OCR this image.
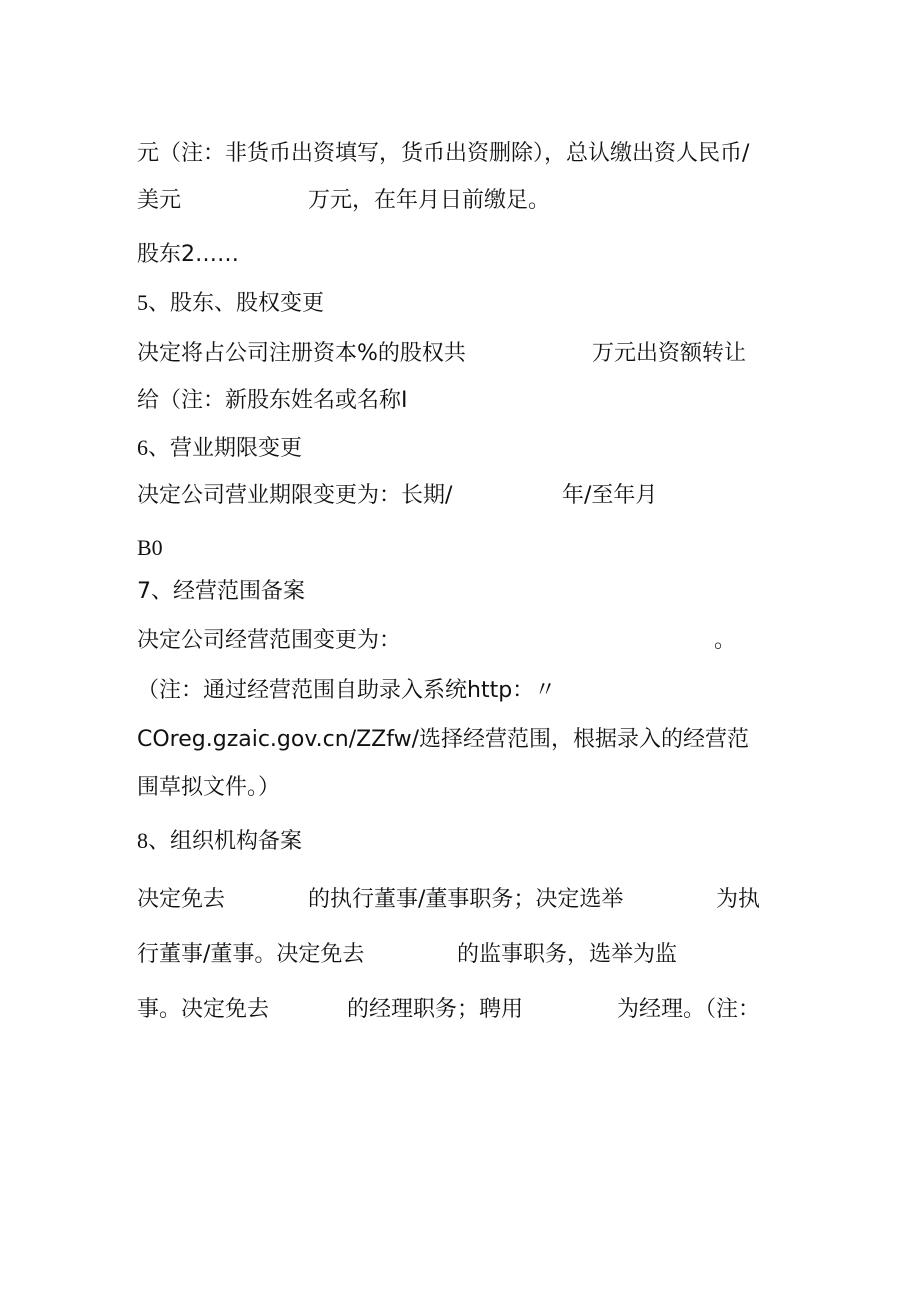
元（注：非货币出资填写，货币出资删除），总认缴出资人民币/

美元	万元，在年月日前缴足。

股东2……

5、股东、股权变更

决定将占公司注册资本%的股权共	万元出资额转让

给（注：新股东姓名或名称I

6、营业期限变更

决定公司营业期限变更为：长期/	年/至年月

B0

7、经营范围备案

决定公司经营范围变更为：	。

（注：通过经营范围自助录入系统http：〃

COreg.gzaic.gov.cn/ZZfw/选择经营范围，根据录入的经营范

围草拟文件。）

8、组织机构备案

决定免去	的执行董事/董事职务；决定选举	为执

行董事/董事。决定免去	的监事职务，选举为监

事。决定免去	的经理职务；聘用	为经理。（注：
